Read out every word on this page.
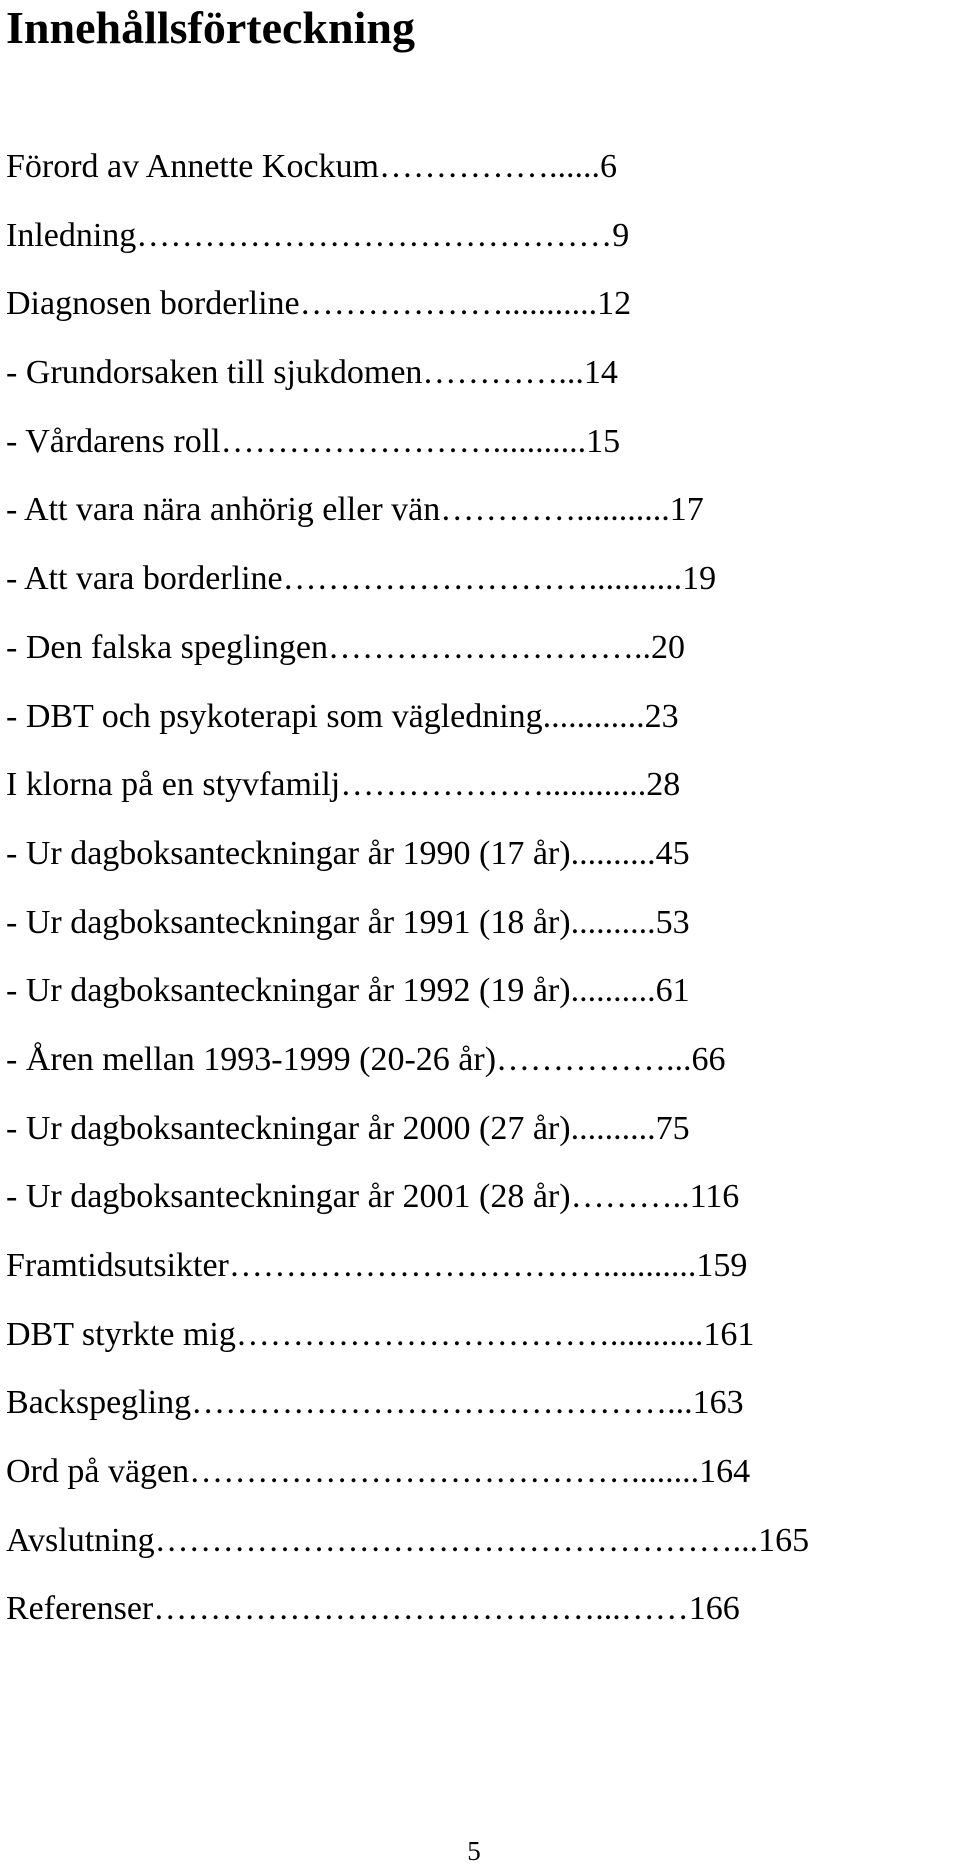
Innehållsförteckning
Förord av Annette Kockum……………......6
Inledning……………………………………9
Diagnosen borderline………………...........12
- Grundorsaken till sjukdomen…………...14
- Vårdarens roll……………………...........15
- Att vara nära anhörig eller vän…………...........17
- Att vara borderline………………………...........19
- Den falska speglingen………………………..20
- DBT och psykoterapi som vägledning............23
I klorna på en styvfamilj………………............28
- Ur dagboksanteckningar år 1990 (17 år)..........45
- Ur dagboksanteckningar år 1991 (18 år)..........53
- Ur dagboksanteckningar år 1992 (19 år)..........61
- Åren mellan 1993-1999 (20-26 år)……………...66
- Ur dagboksanteckningar år 2000 (27 år)..........75
- Ur dagboksanteckningar år 2001 (28 år)………..116
Framtidsutsikter……………………………...........159
DBT styrkte mig……………………………...........161
Backspegling……………………………………...163
Ord på vägen…………………………………........164
Avslutning……………………………………………...165
Referenser…………………………………...……166
5
